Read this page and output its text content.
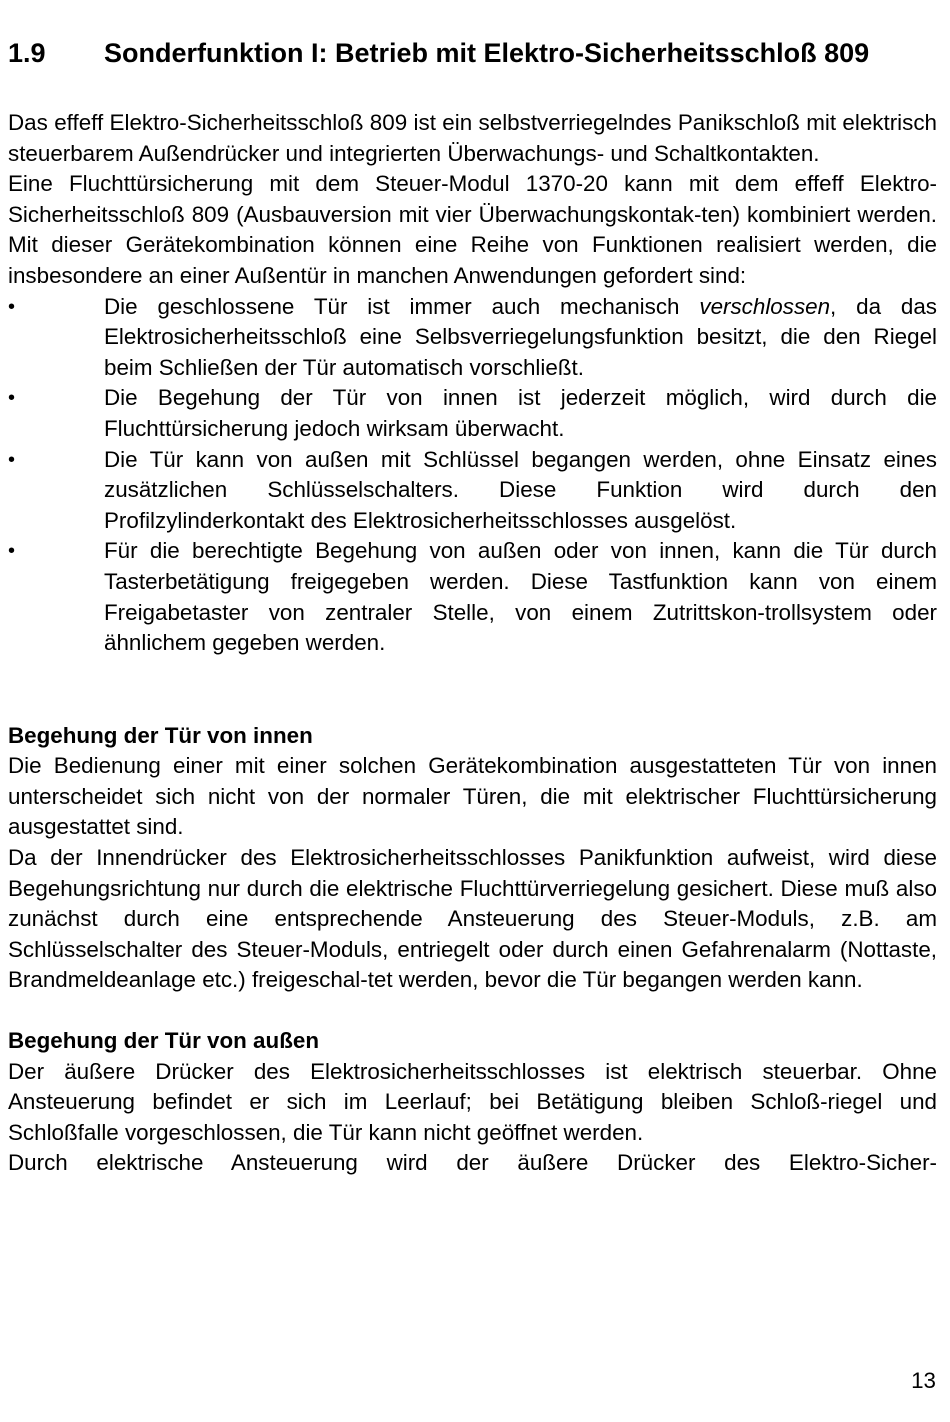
1.9	Sonderfunktion I: Betrieb mit Elektro-Sicherheitsschloß 809

Das effeff Elektro-Sicherheitsschloß 809 ist ein selbstverriegelndes Panikschloß mit elektrisch steuerbarem Außendrücker und integrierten Überwachungs- und Schaltkontakten.

Eine Fluchttürsicherung mit dem Steuer-Modul 1370-20 kann mit dem effeff Elektro-Sicherheitsschloß 809 (Ausbauversion mit vier Überwachungskontak-ten) kombiniert werden. Mit dieser Gerätekombination können eine Reihe von Funktionen realisiert werden, die insbesondere an einer Außentür in manchen Anwendungen gefordert sind:

•	Die geschlossene Tür ist immer auch mechanisch verschlossen, da das Elektrosicherheitsschloß eine Selbsverriegelungsfunktion besitzt, die den Riegel beim Schließen der Tür automatisch vorschließt.
•	Die Begehung der Tür von innen ist jederzeit möglich, wird durch die Fluchttürsicherung jedoch wirksam überwacht.
•	Die Tür kann von außen mit Schlüssel begangen werden, ohne Einsatz eines zusätzlichen Schlüsselschalters. Diese Funktion wird durch den Profilzylinderkontakt des Elektrosicherheitsschlosses ausgelöst.
•	Für die berechtigte Begehung von außen oder von innen, kann die Tür durch Tasterbetätigung freigegeben werden. Diese Tastfunktion kann von einem Freigabetaster von zentraler Stelle, von einem Zutrittskon-trollsystem oder ähnlichem gegeben werden.

Begehung der Tür von innen

Die Bedienung einer mit einer solchen Gerätekombination ausgestatteten Tür von innen unterscheidet sich nicht von der normaler Türen, die mit elektrischer Fluchttürsicherung ausgestattet sind.

Da der Innendrücker des Elektrosicherheitsschlosses Panikfunktion aufweist, wird diese Begehungsrichtung nur durch die elektrische Fluchttürverriegelung gesichert. Diese muß also zunächst durch eine entsprechende Ansteuerung des Steuer-Moduls, z.B. am Schlüsselschalter des Steuer-Moduls, entriegelt oder durch einen Gefahrenalarm (Nottaste, Brandmeldeanlage etc.) freigeschal-tet werden, bevor die Tür begangen werden kann.

Begehung der Tür von außen

Der äußere Drücker des Elektrosicherheitsschlosses ist elektrisch steuerbar. Ohne Ansteuerung befindet er sich im Leerlauf; bei Betätigung bleiben Schloß-riegel und Schloßfalle vorgeschlossen, die Tür kann nicht geöffnet werden.

Durch elektrische Ansteuerung wird der äußere Drücker des Elektro-Sicher-

13
